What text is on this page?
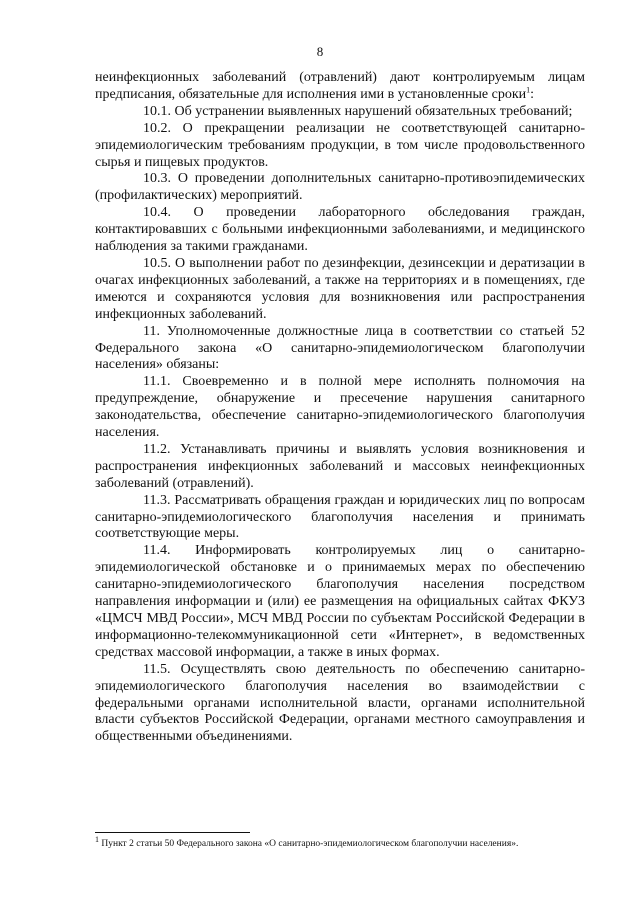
8

неинфекционных заболеваний (отравлений) дают контролируемым лицам предписания, обязательные для исполнения ими в установленные сроки$^1$:

10.1. Об устранении выявленных нарушений обязательных требований;

10.2. О прекращении реализации не соответствующей санитарно-эпидемиологическим требованиям продукции, в том числе продовольственного сырья и пищевых продуктов.

10.3. О проведении дополнительных санитарно-противоэпидемических (профилактических) мероприятий.

10.4. О проведении лабораторного обследования граждан, контактировавших с больными инфекционными заболеваниями, и медицинского наблюдения за такими гражданами.

10.5. О выполнении работ по дезинфекции, дезинсекции и дератизации в очагах инфекционных заболеваний, а также на территориях и в помещениях, где имеются и сохраняются условия для возникновения или распространения инфекционных заболеваний.

11. Уполномоченные должностные лица в соответствии со статьей 52 Федерального закона «О санитарно-эпидемиологическом благополучии населения» обязаны:

11.1. Своевременно и в полной мере исполнять полномочия на предупреждение, обнаружение и пресечение нарушения санитарного законодательства, обеспечение санитарно-эпидемиологического благополучия населения.

11.2. Устанавливать причины и выявлять условия возникновения и распространения инфекционных заболеваний и массовых неинфекционных заболеваний (отравлений).

11.3. Рассматривать обращения граждан и юридических лиц по вопросам санитарно-эпидемиологического благополучия населения и принимать соответствующие меры.

11.4. Информировать контролируемых лиц о санитарно-эпидемиологической обстановке и о принимаемых мерах по обеспечению санитарно-эпидемиологического благополучия населения посредством направления информации и (или) ее размещения на официальных сайтах ФКУЗ «ЦМСЧ МВД России», МСЧ МВД России по субъектам Российской Федерации в информационно-телекоммуникационной сети «Интернет», в ведомственных средствах массовой информации, а также в иных формах.

11.5. Осуществлять свою деятельность по обеспечению санитарно-эпидемиологического благополучия населения во взаимодействии с федеральными органами исполнительной власти, органами исполнительной власти субъектов Российской Федерации, органами местного самоуправления и общественными объединениями.

$^1$ Пункт 2 статьи 50 Федерального закона «О санитарно-эпидемиологическом благополучии населения».
